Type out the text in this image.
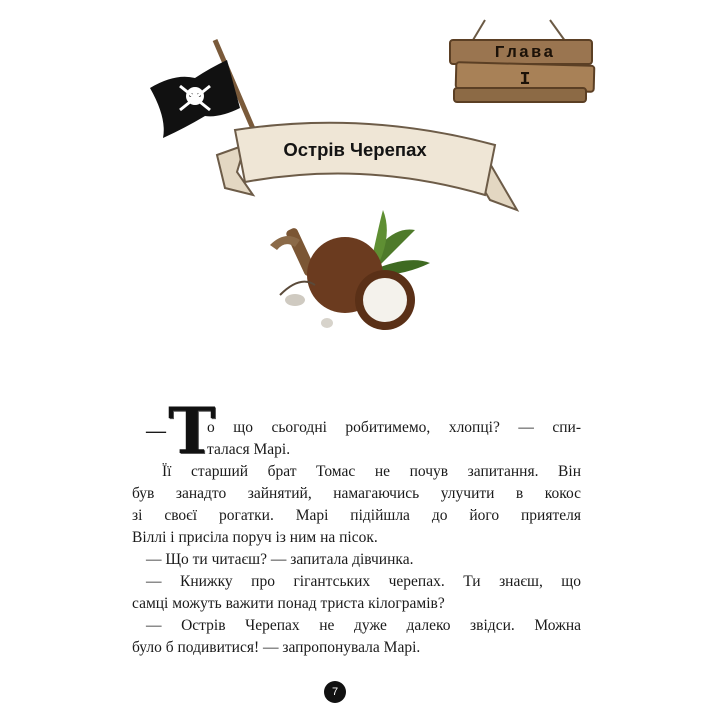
Глава
I
Острів Черепах
— Т
о що сьогодні робитимемо, хлопці? — спи-
талася Марі.
Її старший брат Томас не почув запитання. Він
був занадто зайнятий, намагаючись улучити в кокос
зі своєї рогатки. Марі підійшла до його приятеля
Віллі і присіла поруч із ним на пісок.
— Що ти читаєш? — запитала дівчинка.
— Книжку про гігантських черепах. Ти знаєш, що
самці можуть важити понад триста кілограмів?
— Острів Черепах не дуже далеко звідси. Можна
було б подивитися! — запропонувала Марі.
7
